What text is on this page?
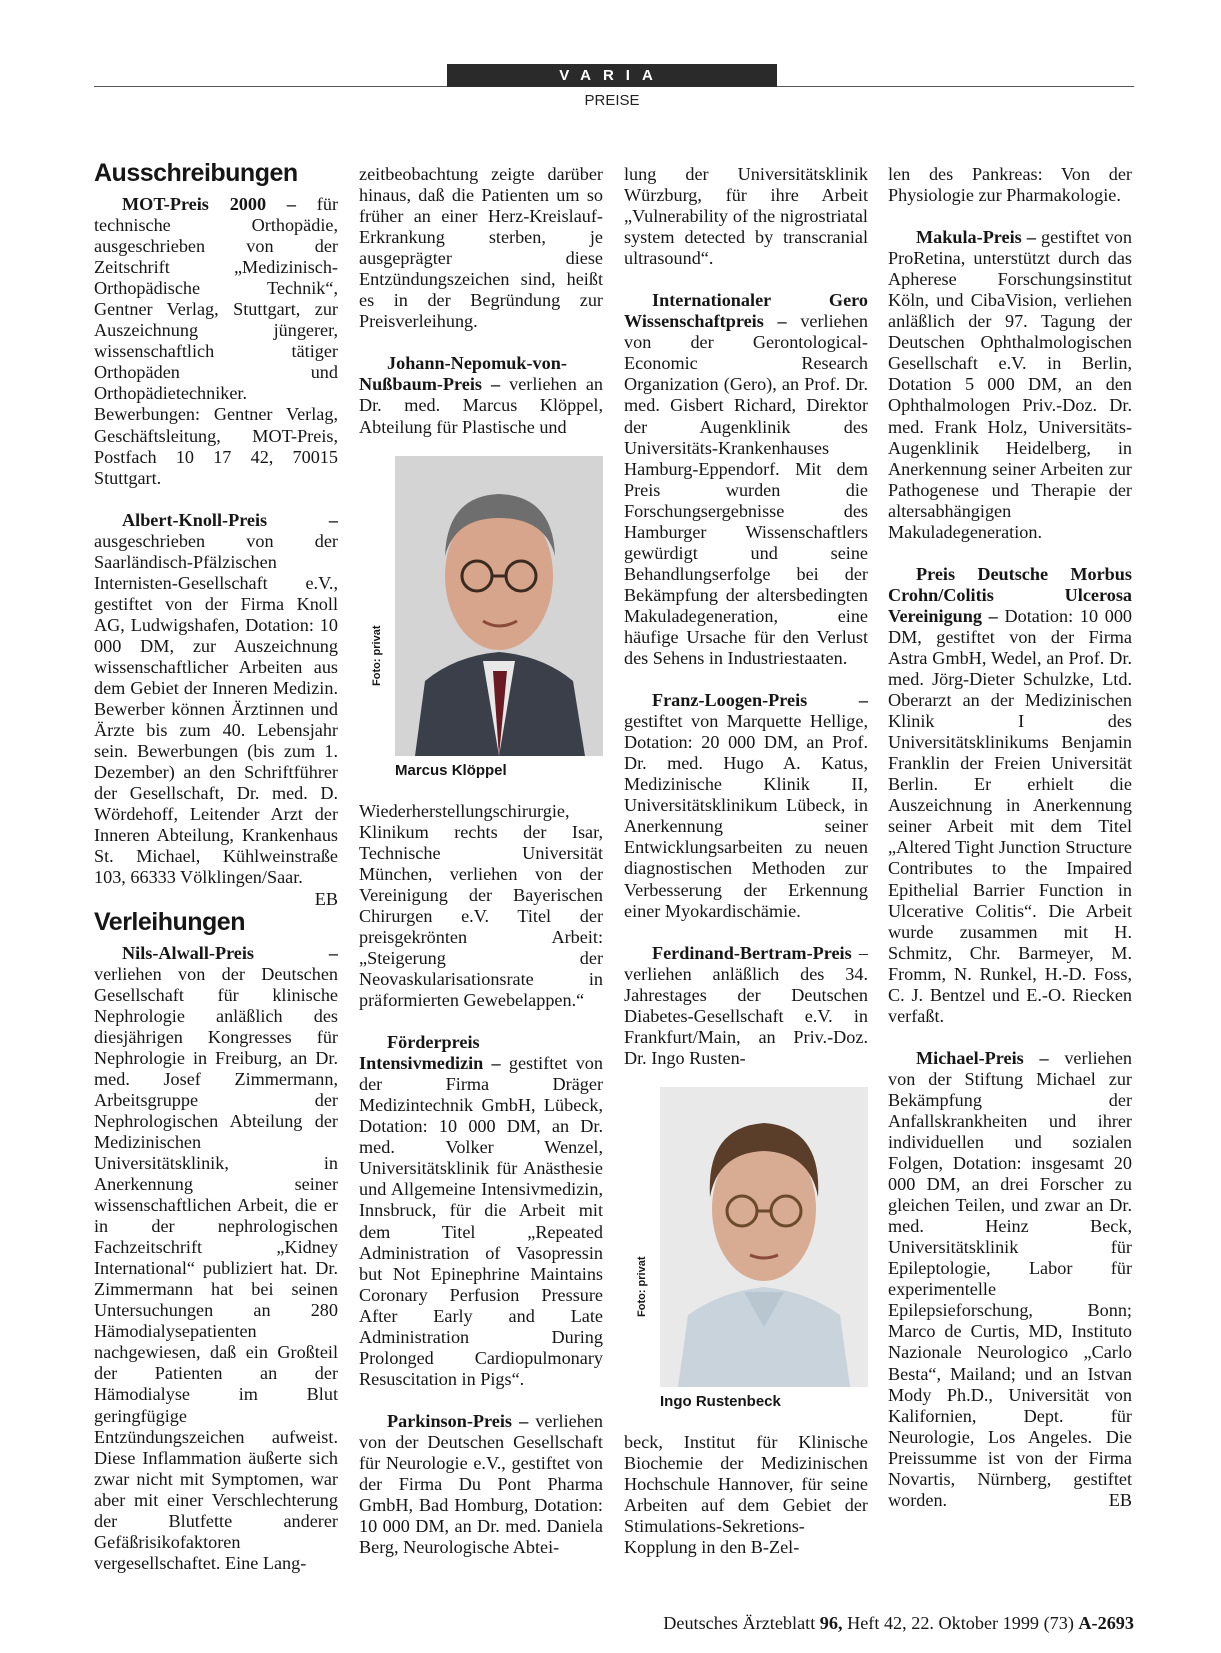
VARIA
PREISE
Ausschreibungen

MOT-Preis 2000 – für technische Orthopädie, ausgeschrieben von der Zeitschrift „Medizinisch-Orthopädische Technik“, Gentner Verlag, Stuttgart, zur Auszeichnung jüngerer, wissenschaftlich tätiger Orthopäden und Orthopädietechniker. Bewerbungen: Gentner Verlag, Geschäftsleitung, MOT-Preis, Postfach 10 17 42, 70015 Stuttgart.

Albert-Knoll-Preis – ausgeschrieben von der Saarländisch-Pfälzischen Internisten-Gesellschaft e.V., gestiftet von der Firma Knoll AG, Ludwigshafen, Dotation: 10 000 DM, zur Auszeichnung wissenschaftlicher Arbeiten aus dem Gebiet der Inneren Medizin. Bewerber können Ärztinnen und Ärzte bis zum 40. Lebensjahr sein. Bewerbungen (bis zum 1. Dezember) an den Schriftführer der Gesellschaft, Dr. med. D. Wördehoff, Leitender Arzt der Inneren Abteilung, Krankenhaus St. Michael, Kühlweinstraße 103, 66333 Völklingen/Saar.
EB

Verleihungen

Nils-Alwall-Preis – verliehen von der Deutschen Gesellschaft für klinische Nephrologie anläßlich des diesjährigen Kongresses für Nephrologie in Freiburg, an Dr. med. Josef Zimmermann, Arbeitsgruppe der Nephrologischen Abteilung der Medizinischen Universitätsklinik, in Anerkennung seiner wissenschaftlichen Arbeit, die er in der nephrologischen Fachzeitschrift „Kidney International“ publiziert hat. Dr. Zimmermann hat bei seinen Untersuchungen an 280 Hämodialysepatienten nachgewiesen, daß ein Großteil der Patienten an der Hämodialyse im Blut geringfügige Entzündungszeichen aufweist. Diese Inflammation äußerte sich zwar nicht mit Symptomen, war aber mit einer Verschlechterung der Blutfette anderer Gefäßrisikofaktoren vergesellschaftet. Eine Lang-

zeitbeobachtung zeigte darüber hinaus, daß die Patienten um so früher an einer Herz-Kreislauf-Erkrankung sterben, je ausgeprägter diese Entzündungszeichen sind, heißt es in der Begründung zur Preisverleihung.

Johann-Nepomuk-von-Nußbaum-Preis – verliehen an Dr. med. Marcus Klöppel, Abteilung für Plastische und

Foto: privat
Marcus Klöppel

Wiederherstellungschirurgie, Klinikum rechts der Isar, Technische Universität München, verliehen von der Vereinigung der Bayerischen Chirurgen e.V. Titel der preisgekrönten Arbeit: „Steigerung der Neovaskularisationsrate in präformierten Gewebelappen.“

Förderpreis Intensivmedizin – gestiftet von der Firma Dräger Medizintechnik GmbH, Lübeck, Dotation: 10 000 DM, an Dr. med. Volker Wenzel, Universitätsklinik für Anästhesie und Allgemeine Intensivmedizin, Innsbruck, für die Arbeit mit dem Titel „Repeated Administration of Vasopressin but Not Epinephrine Maintains Coronary Perfusion Pressure After Early and Late Administration During Prolonged Cardiopulmonary Resuscitation in Pigs“.

Parkinson-Preis – verliehen von der Deutschen Gesellschaft für Neurologie e.V., gestiftet von der Firma Du Pont Pharma GmbH, Bad Homburg, Dotation: 10 000 DM, an Dr. med. Daniela Berg, Neurologische Abtei-

lung der Universitätsklinik Würzburg, für ihre Arbeit „Vulnerability of the nigrostriatal system detected by transcranial ultrasound“.

Internationaler Gero Wissenschaftpreis – verliehen von der Gerontological-Economic Research Organization (Gero), an Prof. Dr. med. Gisbert Richard, Direktor der Augenklinik des Universitäts-Krankenhauses Hamburg-Eppendorf. Mit dem Preis wurden die Forschungsergebnisse des Hamburger Wissenschaftlers gewürdigt und seine Behandlungserfolge bei der Bekämpfung der altersbedingten Makuladegeneration, eine häufige Ursache für den Verlust des Sehens in Industriestaaten.

Franz-Loogen-Preis – gestiftet von Marquette Hellige, Dotation: 20 000 DM, an Prof. Dr. med. Hugo A. Katus, Medizinische Klinik II, Universitätsklinikum Lübeck, in Anerkennung seiner Entwicklungsarbeiten zu neuen diagnostischen Methoden zur Verbesserung der Erkennung einer Myokardischämie.

Ferdinand-Bertram-Preis – verliehen anläßlich des 34. Jahrestages der Deutschen Diabetes-Gesellschaft e.V. in Frankfurt/Main, an Priv.-Doz. Dr. Ingo Rusten-

Foto: privat
Ingo Rustenbeck

beck, Institut für Klinische Biochemie der Medizinischen Hochschule Hannover, für seine Arbeiten auf dem Gebiet der Stimulations-Sekretions-Kopplung in den B-Zel-

len des Pankreas: Von der Physiologie zur Pharmakologie.

Makula-Preis – gestiftet von ProRetina, unterstützt durch das Apherese Forschungsinstitut Köln, und CibaVision, verliehen anläßlich der 97. Tagung der Deutschen Ophthalmologischen Gesellschaft e.V. in Berlin, Dotation 5 000 DM, an den Ophthalmologen Priv.-Doz. Dr. med. Frank Holz, Universitäts-Augenklinik Heidelberg, in Anerkennung seiner Arbeiten zur Pathogenese und Therapie der altersabhängigen Makuladegeneration.

Preis Deutsche Morbus Crohn/Colitis Ulcerosa Vereinigung – Dotation: 10 000 DM, gestiftet von der Firma Astra GmbH, Wedel, an Prof. Dr. med. Jörg-Dieter Schulzke, Ltd. Oberarzt an der Medizinischen Klinik I des Universitätsklinikums Benjamin Franklin der Freien Universität Berlin. Er erhielt die Auszeichnung in Anerkennung seiner Arbeit mit dem Titel „Altered Tight Junction Structure Contributes to the Impaired Epithelial Barrier Function in Ulcerative Colitis“. Die Arbeit wurde zusammen mit H. Schmitz, Chr. Barmeyer, M. Fromm, N. Runkel, H.-D. Foss, C. J. Bentzel und E.-O. Riecken verfaßt.

Michael-Preis – verliehen von der Stiftung Michael zur Bekämpfung der Anfallskrankheiten und ihrer individuellen und sozialen Folgen, Dotation: insgesamt 20 000 DM, an drei Forscher zu gleichen Teilen, und zwar an Dr. med. Heinz Beck, Universitätsklinik für Epileptologie, Labor für experimentelle Epilepsieforschung, Bonn; Marco de Curtis, MD, Instituto Nazionale Neurologico „Carlo Besta“, Mailand; und an Istvan Mody Ph.D., Universität von Kalifornien, Dept. für Neurologie, Los Angeles. Die Preissumme ist von der Firma Novartis, Nürnberg, gestiftet worden.	EB

Deutsches Ärzteblatt 96, Heft 42, 22. Oktober 1999 (73) A-2693
